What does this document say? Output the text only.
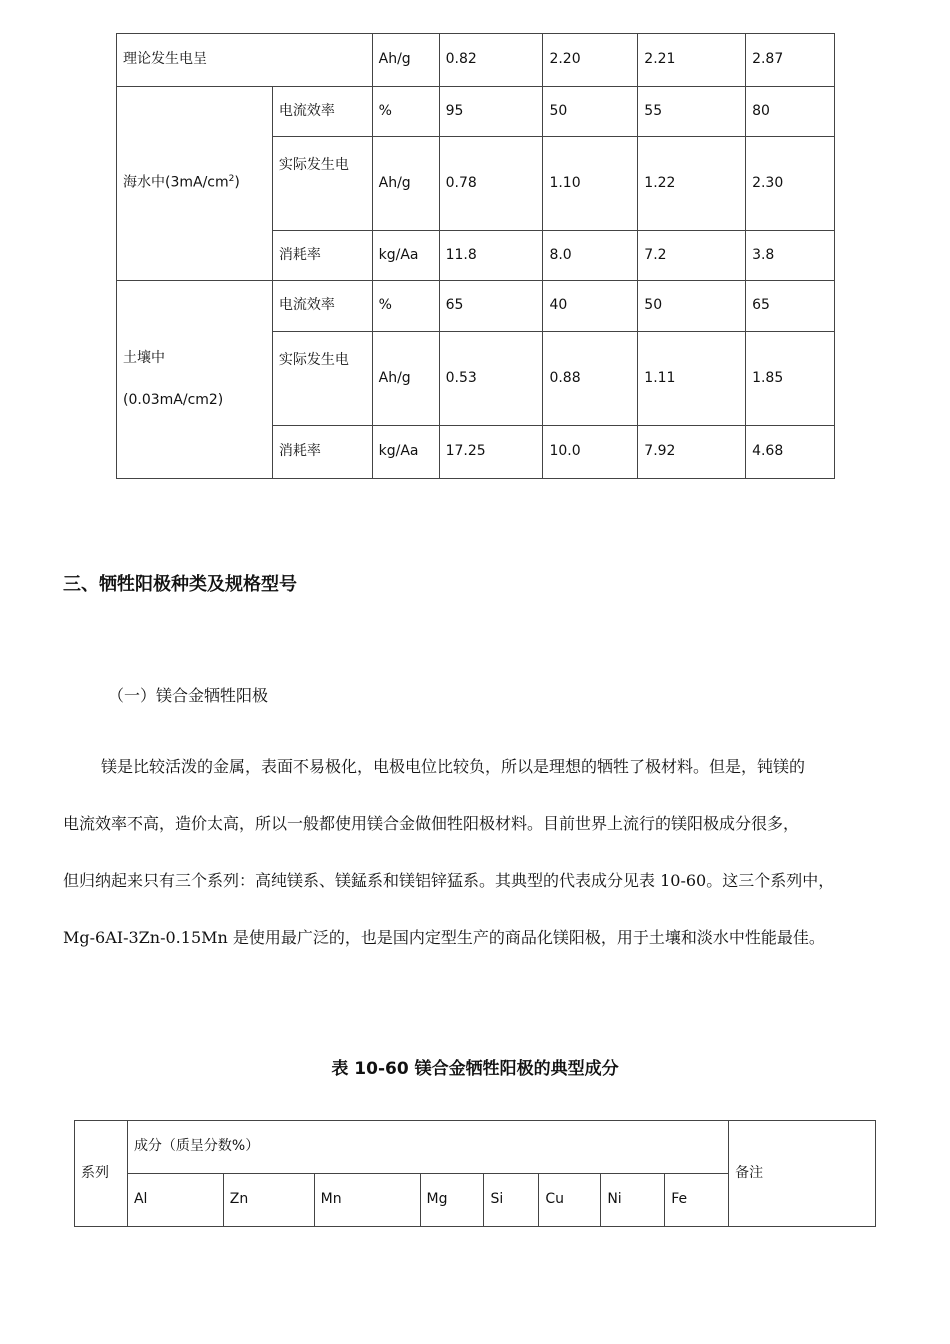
理论发生电呈		Ah/g	0.82	2.20	2.21	2.87
海水中$(3mA/cm^2)$	电流效率	%	95	50	55	80
	实际发生电	Ah/g	0.78	1.10	1.22	2.30
	消耗率	kg/Aa	11.8	8.0	7.2	3.8
土壤中
(0.03mA/cm2)	电流效率	%	65	40	50	65
	实际发生电	Ah/g	0.53	0.88	1.11	1.85
	消耗率	kg/Aa	17.25	10.0	7.92	4.68
三、牺牲阳极种类及规格型号

（一）镁合金牺牲阳极

镁是比较活泼的金属，表面不易极化，电极电位比较负，所以是理想的牺牲了极材料。但是，钝镁的
电流效率不高，造价太高，所以一般都使用镁合金做佃牲阳极材料。目前世界上流行的镁阳极成分很多，
但归纳起来只有三个系列：高纯镁系、镁錳系和镁铝锌猛系。其典型的代表成分见表 10-60。这三个系列中，
Mg-6AI-3Zn-0.15Mn 是使用最广泛的，也是国内定型生产的商品化镁阳极，用于土壤和淡水中性能最佳。

表 10-60 镁合金牺牲阳极的典型成分

系列	成分（质呈分数%）								备注
	Al	Zn	Mn	Mg	Si	Cu	Ni	Fe	
